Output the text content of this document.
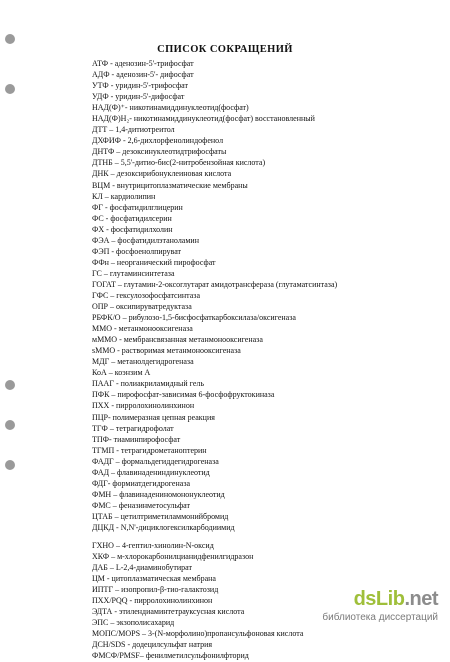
СПИСОК СОКРАЩЕНИЙ
АТФ - аденозин-5'-трифосфат
АДФ - аденозин-5'- дифосфат
УТФ - уридин-5'-трифосфат
УДФ - уридин-5'-дифосфат
НАД(Ф)⁺- никотинамиддинуклеотид(фосфат)
НАД(Ф)H₂- никотинамиддинуклеотид(фосфат) восстановленный
ДТТ – 1,4-дитиотреитол
ДХФИФ - 2,6-дихлорфенолиндофенол
ДНТФ – дезоксинуклеотидтрифосфаты
ДТНБ – 5,5'-дитио-бис(2-нитробензойная кислота)
ДНК – дезоксирибонуклеиновая кислота
ВЦМ - внутрицитоплазматические мембраны
КЛ – кардиолипин
ФГ - фосфатидилглицерин
ФС - фосфатидилсерин
ФХ - фосфатидилхолин
ФЭА – фосфатидилэтаноламин
ФЭП - фосфоенолпируват
ФФн – неорганический пирофосфат
ГС – глутаминсинтетаза
ГОГАТ – глутамин-2-оксоглутарат амидотрансфераза (глутаматсинтаза)
ГФС – гексулозофосфатсинтаза
ОПР – оксипируватредуктаза
РБФК/О – рибулозо-1,5-бисфосфаткарбоксилаза/оксигеназа
ММО - метанмонооксигеназа
мММО - мембрансвязанная метанмонооксигеназа
sММО - растворимая метанмонооксигеназа
МДГ – метанолдегидрогеназа
КоА – коэнзим А
ПААГ - полиакриламидный гель
ПФК – пирофосфат-зависимая 6-фосфофруктокиназа
ПХХ - пирролохинолинхинон
ПЦР- полимеразная цепная реакция
ТГФ – тетрагидрофолат
ТПФ- тиаминпирофосфат
ТГМП - тетрагидрометаноптерин
ФАДГ – формальдегиддегидрогеназа
ФАД – флавинадениндинуклеотид
ФДГ- формиатдегидрогеназа
ФМН – флавинадениномононуклеотид
ФМС – феназинметосульфат
ЦТАБ – цетилтриметиламмонийбромид
ДЦКД - N,N'-дициклогексилкарбодиимид
ГХНО – 4-гептил-хинолин-N-оксид
ХКФ – м-хлорокарбонилцианидфенилгидразон
ДАБ – L-2,4-диаминобутират
ЦМ - цитоплазматическая мембрана
ИПТГ – изопропил-β-тио-галактозид
ПХХ/PQQ - пирролохинолинхинон
ЭДТА - этилендиаминтетрауксусная кислота
ЭПС – экзополисахарид
МОПС/MOPS – 3-(N-морфолино)пропансульфоновая кислота
ДСН/SDS - додецилсульфат натрия
ФМСФ/PMSF– фенилметилсульфонилфторид
dsLib.net
библиотека диссертаций
